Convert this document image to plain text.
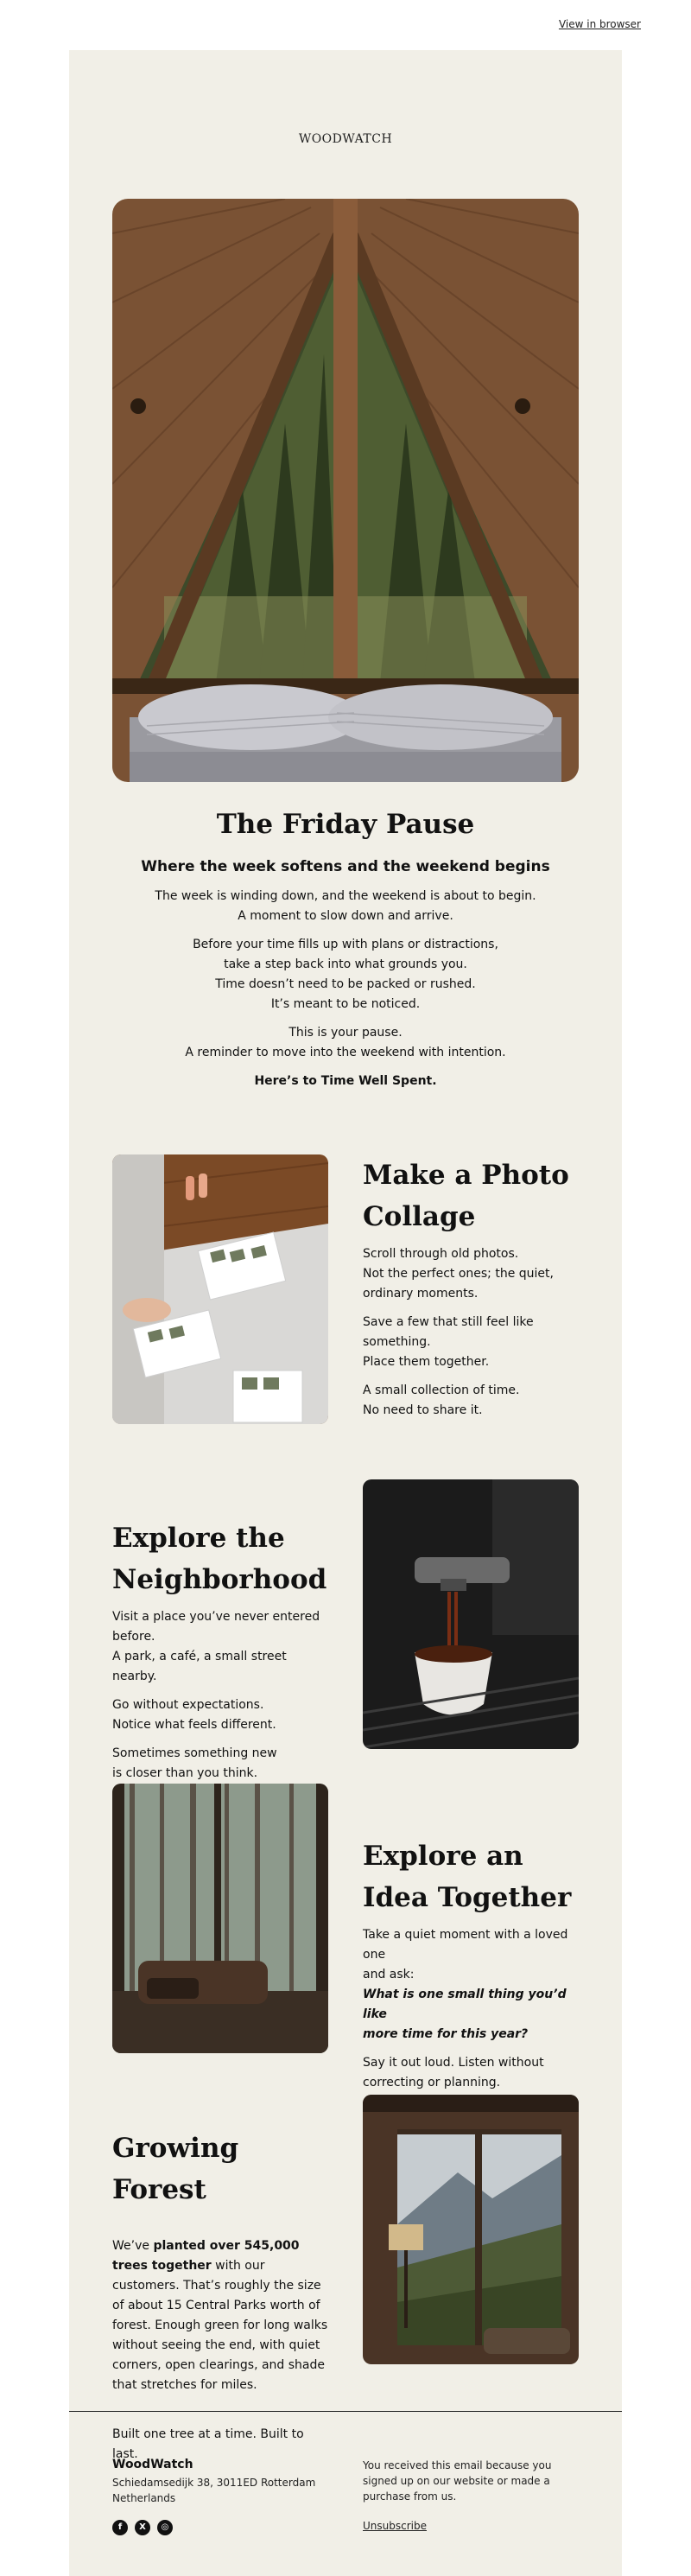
View in browser
WOODWATCH
The Friday Pause
Where the week softens and the weekend begins

The week is winding down, and the weekend is about to begin.
A moment to slow down and arrive.

Before your time fills up with plans or distractions,
take a step back into what grounds you.
Time doesn’t need to be packed or rushed.
It’s meant to be noticed.

This is your pause.
A reminder to move into the weekend with intention.

Here’s to Time Well Spent.
Make a Photo Collage

Scroll through old photos.
Not the perfect ones; the quiet,
ordinary moments.

Save a few that still feel like
something.
Place them together.

A small collection of time.
No need to share it.

Explore the Neighborhood

Visit a place you’ve never entered
before.
A park, a café, a small street nearby.

Go without expectations.
Notice what feels different.

Sometimes something new
is closer than you think.

Explore an Idea Together

Take a quiet moment with a loved one
and ask:
What is one small thing you’d like
more time for this year?

Say it out loud. Listen without
correcting or planning.

Growing Forest

We’ve planted over 545,000 trees together with our customers. That’s roughly the size of about 15 Central Parks worth of forest. Enough green for long walks without seeing the end, with quiet corners, open clearings, and shade that stretches for miles.

Built one tree at a time. Built to last.

WoodWatch
Schiedamsedijk 38, 3011ED Rotterdam Netherlands
f	X	◎
You received this email because you signed up on our website or made a purchase from us.
Unsubscribe
